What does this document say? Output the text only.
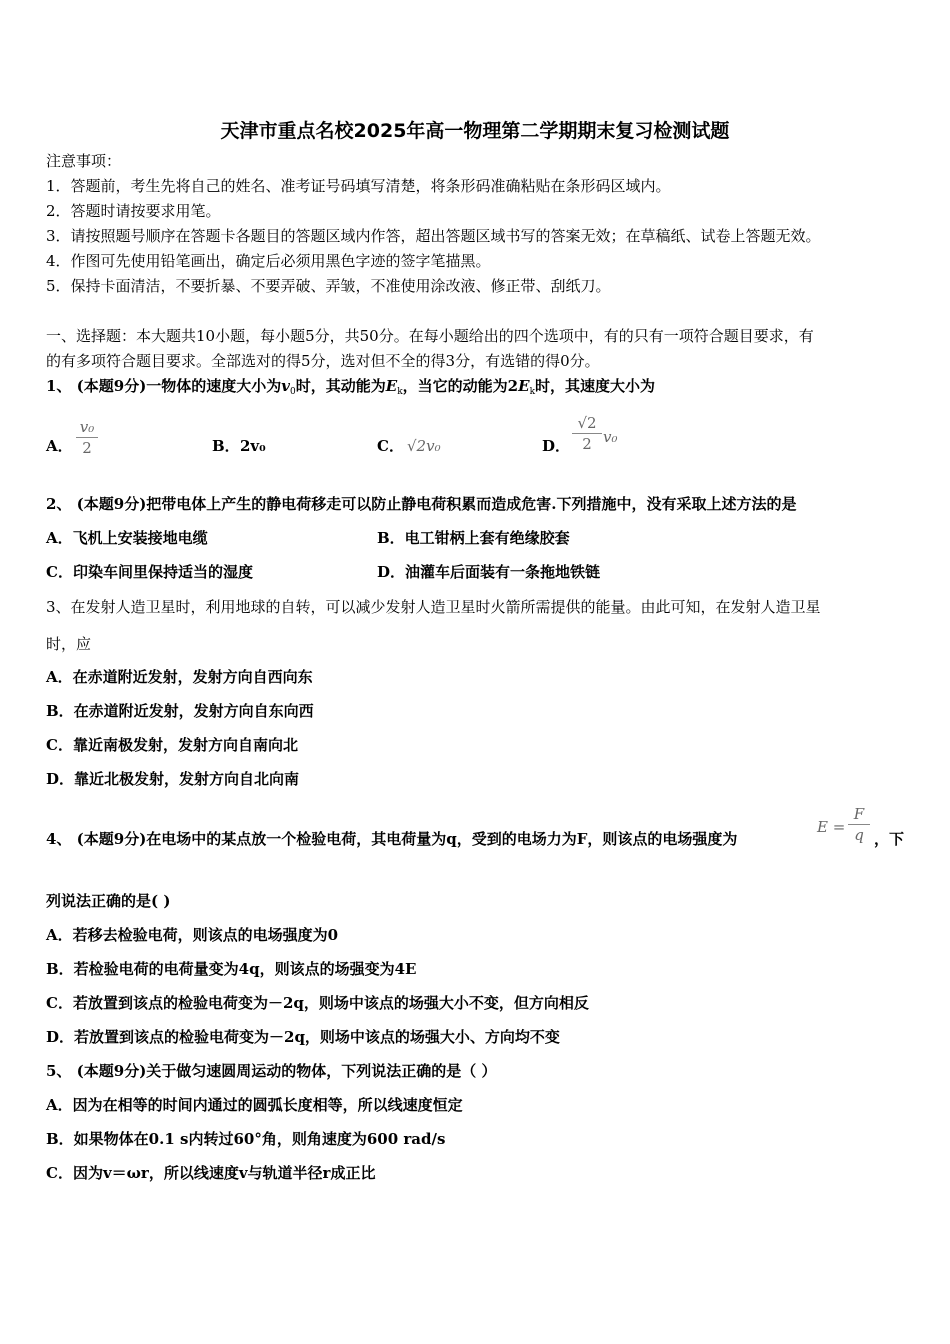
天津市重点名校2025年高一物理第二学期期末复习检测试题
注意事项：
1．答题前，考生先将自己的姓名、准考证号码填写清楚，将条形码准确粘贴在条形码区域内。
2．答题时请按要求用笔。
3．请按照题号顺序在答题卡各题目的答题区域内作答，超出答题区域书写的答案无效；在草稿纸、试卷上答题无效。
4．作图可先使用铅笔画出，确定后必须用黑色字迹的签字笔描黑。
5．保持卡面清洁，不要折暴、不要弄破、弄皱，不准使用涂改液、修正带、刮纸刀。
一、选择题：本大题共10小题，每小题5分，共50分。在每小题给出的四个选项中，有的只有一项符合题目要求，有
的有多项符合题目要求。全部选对的得5分，选对但不全的得3分，有选错的得0分。
1、 (本题9分)一物体的速度大小为$v_0$时，其动能为$E_k$，当它的动能为$2E_k$时，其速度大小为
A．
v₀
2	B． 2v₀	C． √2v₀	D．
√2
2 v₀
2、 (本题9分)把带电体上产生的静电荷移走可以防止静电荷积累而造成危害.下列措施中，没有采取上述方法的是
A．飞机上安装接地电缆	B．电工钳柄上套有绝缘胶套
C．印染车间里保持适当的湿度	D．油灌车后面装有一条拖地铁链
3、在发射人造卫星时，利用地球的自转，可以减少发射人造卫星时火箭所需提供的能量。由此可知，在发射人造卫星
时，应
A．在赤道附近发射，发射方向自西向东
B．在赤道附近发射，发射方向自东向西
C．靠近南极发射，发射方向自南向北
D．靠近北极发射，发射方向自北向南
4、 (本题9分)在电场中的某点放一个检验电荷，其电荷量为q，受到的电场力为F，则该点的电场强度为
E =
F
q ，下
列说法正确的是( )
A．若移去检验电荷，则该点的电场强度为0
B．若检验电荷的电荷量变为4q，则该点的场强变为4E
C．若放置到该点的检验电荷变为－2q，则场中该点的场强大小不变，但方向相反
D．若放置到该点的检验电荷变为－2q，则场中该点的场强大小、方向均不变
5、 (本题9分)关于做匀速圆周运动的物体，下列说法正确的是（ ）
A．因为在相等的时间内通过的圆弧长度相等，所以线速度恒定
B．如果物体在0.1 s内转过60°角，则角速度为600 rad/s
C．因为v＝ωr，所以线速度v与轨道半径r成正比
